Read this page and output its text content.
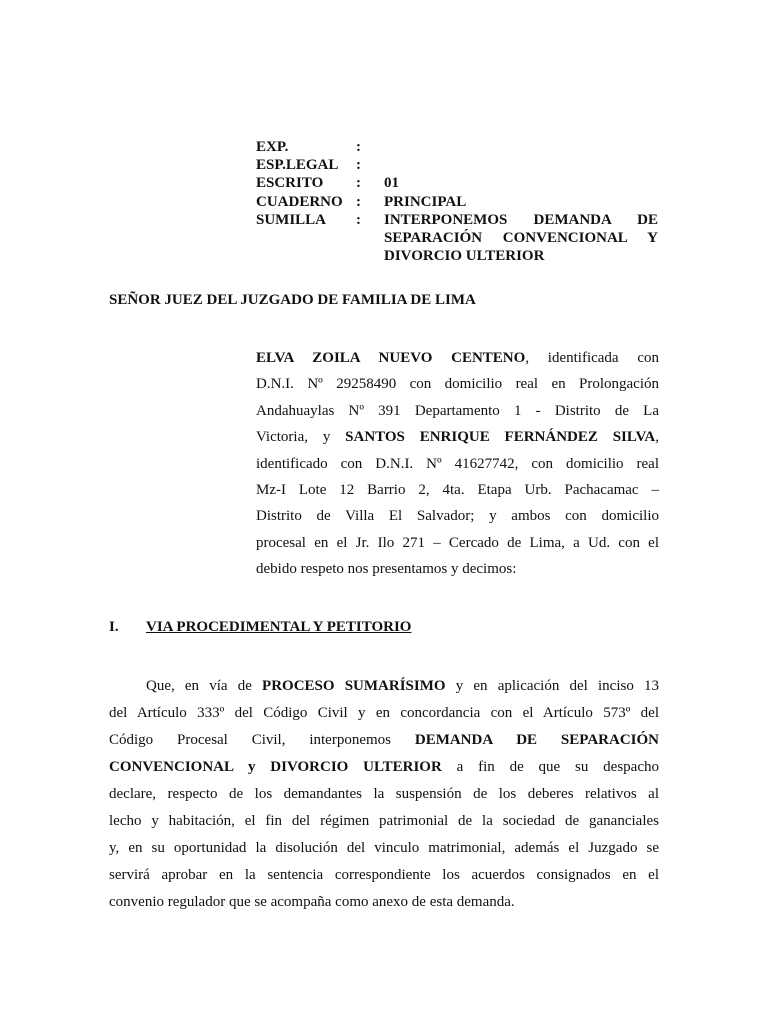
EXP.	:
ESP.LEGAL	:
ESCRITO	:	01
CUADERNO :	PRINCIPAL
SUMILLA	:	INTERPONEMOS DEMANDA DE
SEPARACIÓN CONVENCIONAL Y
DIVORCIO ULTERIOR
SEÑOR JUEZ DEL JUZGADO DE FAMILIA DE LIMA
ELVA ZOILA NUEVO CENTENO, identificada con
D.N.I. Nº 29258490 con domicilio real en Prolongación
Andahuaylas Nº 391 Departamento 1 - Distrito de La
Victoria, y SANTOS ENRIQUE FERNÁNDEZ SILVA,
identificado con D.N.I. Nº 41627742, con domicilio real
Mz-I Lote 12 Barrio 2, 4ta. Etapa Urb. Pachacamac –
Distrito de Villa El Salvador; y ambos con domicilio
procesal en el Jr. Ilo 271 – Cercado de Lima, a Ud. con el
debido respeto nos presentamos y decimos:
I.	VIA PROCEDIMENTAL Y PETITORIO
Que, en vía de PROCESO SUMARÍSIMO y en aplicación del inciso 13
del Artículo 333º del Código Civil y en concordancia con el Artículo 573º del
Código Procesal Civil, interponemos DEMANDA DE SEPARACIÓN
CONVENCIONAL y DIVORCIO ULTERIOR a fin de que su despacho
declare, respecto de los demandantes la suspensión de los deberes relativos al
lecho y habitación, el fin del régimen patrimonial de la sociedad de gananciales
y, en su oportunidad la disolución del vinculo matrimonial, además el Juzgado se
servirá aprobar en la sentencia correspondiente los acuerdos consignados en el
convenio regulador que se acompaña como anexo de esta demanda.
